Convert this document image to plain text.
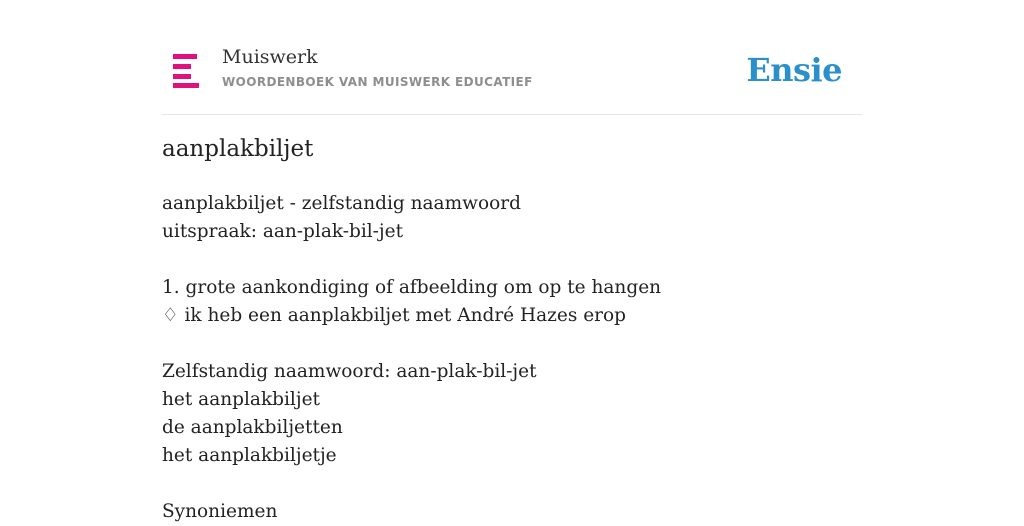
Muiswerk
WOORDENBOEK VAN MUISWERK EDUCATIEF	Ensie
aanplakbiljet
aanplakbiljet - zelfstandig naamwoord
uitspraak: aan-plak-bil-jet
1. grote aankondiging of afbeelding om op te hangen
♢ ik heb een aanplakbiljet met André Hazes erop
Zelfstandig naamwoord: aan-plak-bil-jet
het aanplakbiljet
de aanplakbiljetten
het aanplakbiljetje
Synoniemen
